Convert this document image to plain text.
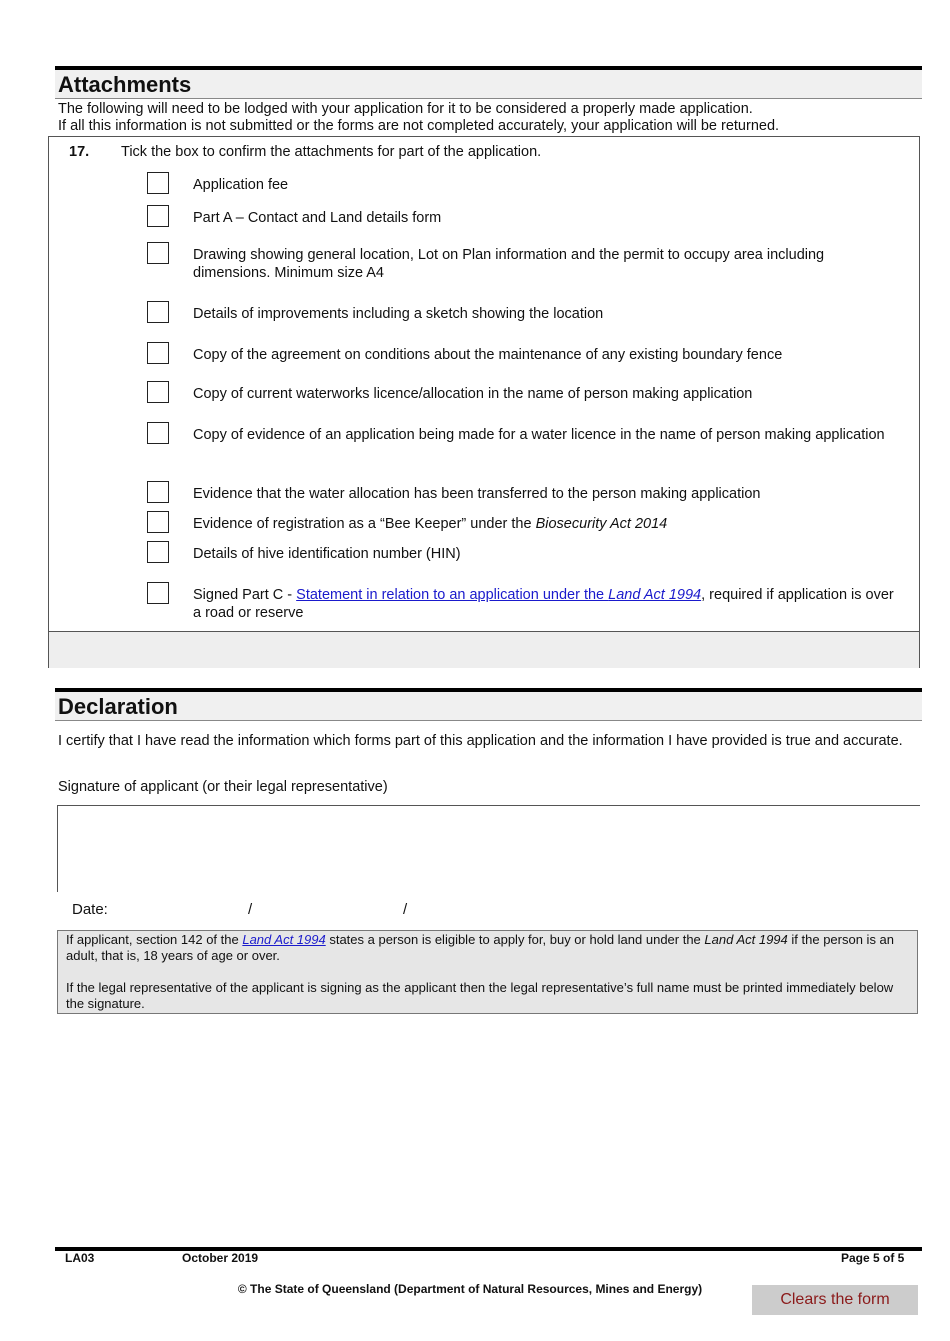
Attachments
The following will need to be lodged with your application for it to be considered a properly made application.
If all this information is not submitted or the forms are not completed accurately, your application will be returned.
17. Tick the box to confirm the attachments for part of the application.
Application fee
Part A – Contact and Land details form
Drawing showing general location, Lot on Plan information and the permit to occupy area including dimensions. Minimum size A4
Details of improvements including a sketch showing the location
Copy of the agreement on conditions about the maintenance of any existing boundary fence
Copy of current waterworks licence/allocation in the name of person making application
Copy of evidence of an application being made for a water licence in the name of person making application
Evidence that the water allocation has been transferred to the person making application
Evidence of registration as a “Bee Keeper” under the Biosecurity Act 2014
Details of hive identification number (HIN)
Signed Part C - Statement in relation to an application under the Land Act 1994, required if application is over a road or reserve
Declaration
I certify that I have read the information which forms part of this application and the information I have provided is true and accurate.
Signature of applicant (or their legal representative)
Date:	/	/

If applicant, section 142 of the Land Act 1994 states a person is eligible to apply for, buy or hold land under the Land Act 1994 if the person is an adult, that is, 18 years of age or over.

If the legal representative of the applicant is signing as the applicant then the legal representative’s full name must be printed immediately below the signature.

LA03	October 2019	Page 5 of 5
© The State of Queensland (Department of Natural Resources, Mines and Energy)
Clears the form
